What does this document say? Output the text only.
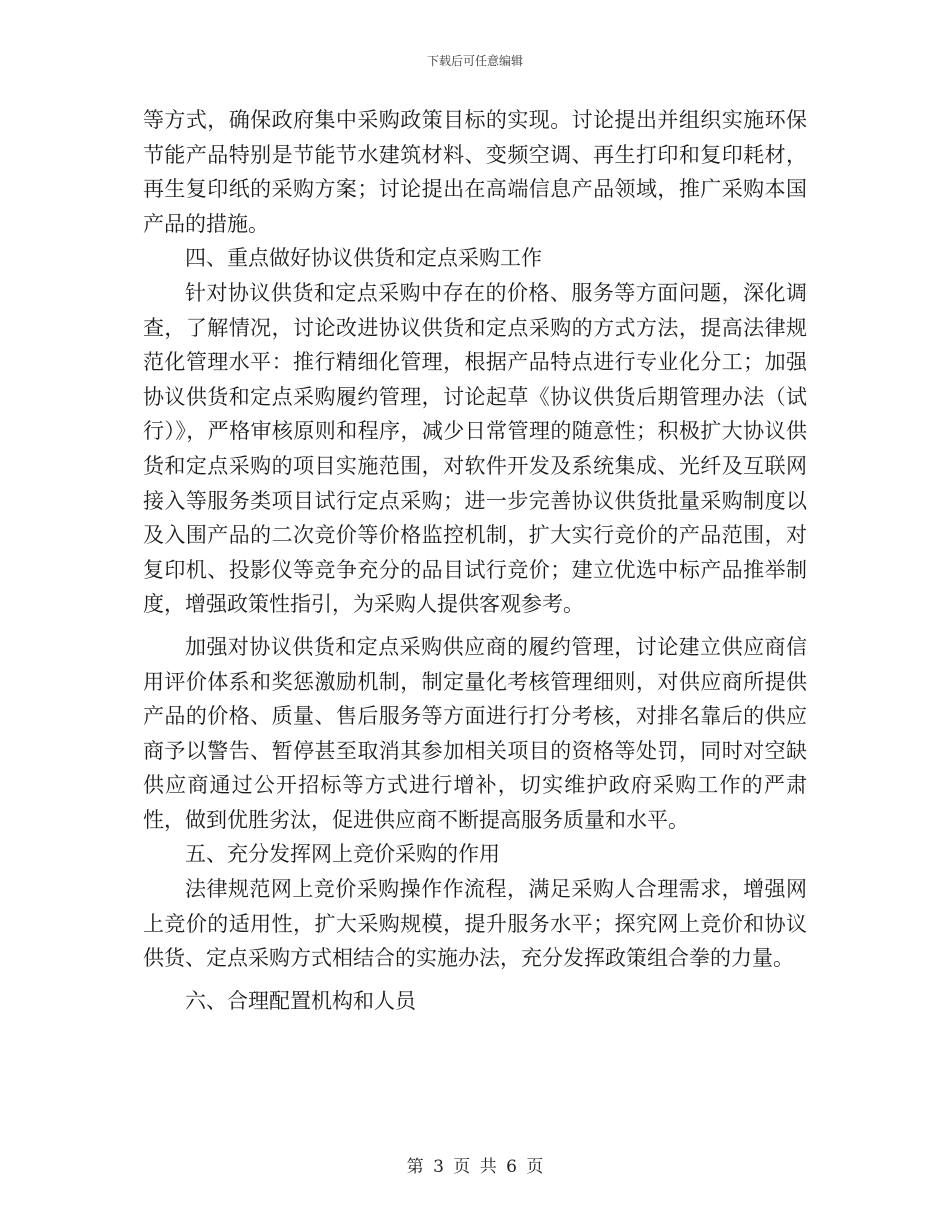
下载后可任意编辑

等方式，确保政府集中采购政策目标的实现。讨论提出并组织实施环保节能产品特别是节能节水建筑材料、变频空调、再生打印和复印耗材，再生复印纸的采购方案；讨论提出在高端信息产品领域，推广采购本国产品的措施。

四、重点做好协议供货和定点采购工作

针对协议供货和定点采购中存在的价格、服务等方面问题，深化调查，了解情况，讨论改进协议供货和定点采购的方式方法，提高法律规范化管理水平：推行精细化管理，根据产品特点进行专业化分工；加强协议供货和定点采购履约管理，讨论起草《协议供货后期管理办法（试行）》，严格审核原则和程序，减少日常管理的随意性；积极扩大协议供货和定点采购的项目实施范围，对软件开发及系统集成、光纤及互联网接入等服务类项目试行定点采购；进一步完善协议供货批量采购制度以及入围产品的二次竞价等价格监控机制，扩大实行竞价的产品范围，对复印机、投影仪等竞争充分的品目试行竞价；建立优选中标产品推举制度，增强政策性指引，为采购人提供客观参考。

加强对协议供货和定点采购供应商的履约管理，讨论建立供应商信用评价体系和奖惩激励机制，制定量化考核管理细则，对供应商所提供产品的价格、质量、售后服务等方面进行打分考核，对排名靠后的供应商予以警告、暂停甚至取消其参加相关项目的资格等处罚，同时对空缺供应商通过公开招标等方式进行增补，切实维护政府采购工作的严肃性，做到优胜劣汰，促进供应商不断提高服务质量和水平。

五、充分发挥网上竞价采购的作用

法律规范网上竞价采购操作作流程，满足采购人合理需求，增强网上竞价的适用性，扩大采购规模，提升服务水平；探究网上竞价和协议供货、定点采购方式相结合的实施办法，充分发挥政策组合拳的力量。

六、合理配置机构和人员

第 3 页 共 6 页
